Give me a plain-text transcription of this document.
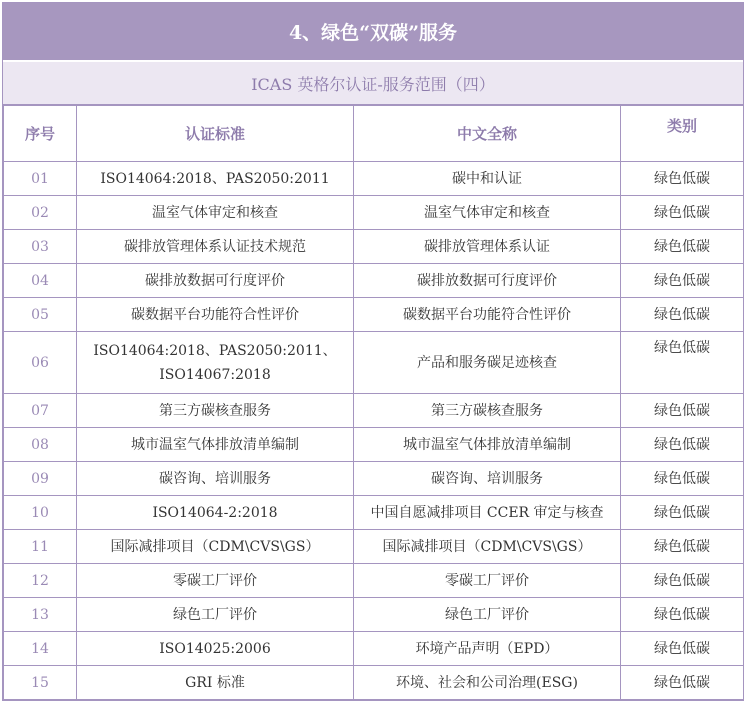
4、绿色“双碳”服务
ICAS 英格尔认证-服务范围（四）
序号	认证标准	中文全称	类别
01	ISO14064:2018、PAS2050:2011	碳中和认证	绿色低碳
02	温室气体审定和核查	温室气体审定和核查	绿色低碳
03	碳排放管理体系认证技术规范	碳排放管理体系认证	绿色低碳
04	碳排放数据可行度评价	碳排放数据可行度评价	绿色低碳
05	碳数据平台功能符合性评价	碳数据平台功能符合性评价	绿色低碳
06	ISO14064:2018、PAS2050:2011、ISO14067:2018	产品和服务碳足迹核查	绿色低碳
07	第三方碳核查服务	第三方碳核查服务	绿色低碳
08	城市温室气体排放清单编制	城市温室气体排放清单编制	绿色低碳
09	碳咨询、培训服务	碳咨询、培训服务	绿色低碳
10	ISO14064-2:2018	中国自愿减排项目 CCER 审定与核查	绿色低碳
11	国际减排项目（CDM\CVS\GS）	国际减排项目（CDM\CVS\GS）	绿色低碳
12	零碳工厂评价	零碳工厂评价	绿色低碳
13	绿色工厂评价	绿色工厂评价	绿色低碳
14	ISO14025:2006	环境产品声明（EPD）	绿色低碳
15	GRI 标准	环境、社会和公司治理(ESG)	绿色低碳
